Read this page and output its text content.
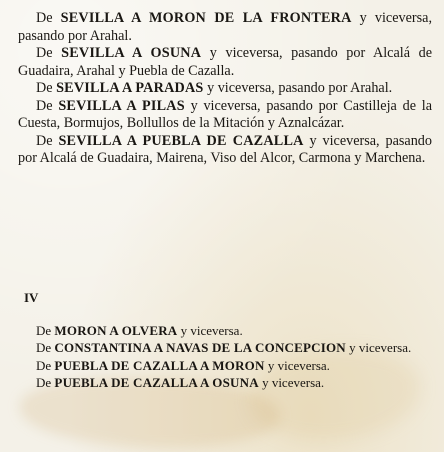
De SEVILLA A MORON DE LA FRONTERA y viceversa, pasando por Arahal.

De SEVILLA A OSUNA y viceversa, pasando por Alcalá de Guadaira, Arahal y Puebla de Cazalla.

De SEVILLA A PARADAS y viceversa, pasando por Arahal.

De SEVILLA A PILAS y viceversa, pasando por Castilleja de la Cuesta, Bormujos, Bollullos de la Mitación y Aznalcázar.

De SEVILLA A PUEBLA DE CAZALLA y viceversa, pasando por Alcalá de Guadaira, Mairena, Viso del Alcor, Carmona y Marchena.

IV

De MORON A OLVERA y viceversa.

De CONSTANTINA A NAVAS DE LA CONCEPCION y viceversa.

De PUEBLA DE CAZALLA A MORON y viceversa.

De PUEBLA DE CAZALLA A OSUNA y viceversa.
